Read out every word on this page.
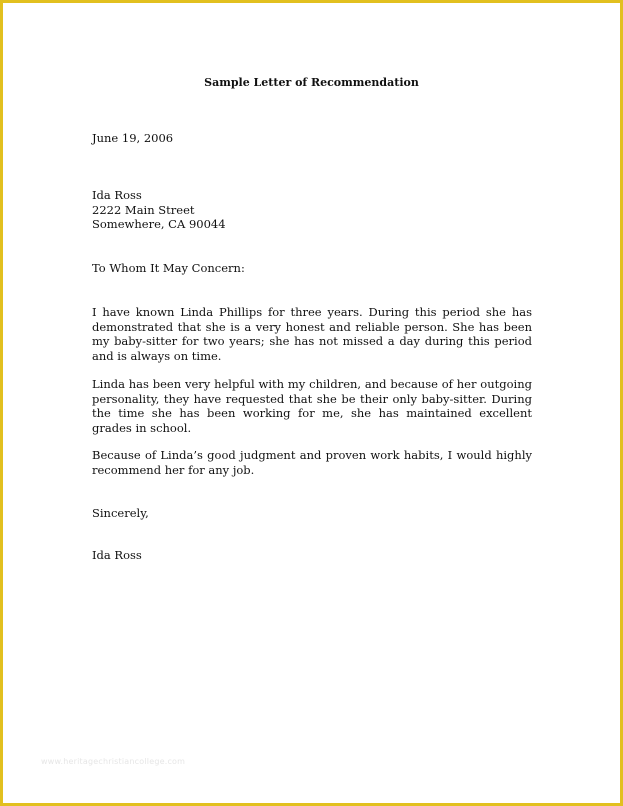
Sample Letter of Recommendation
June 19, 2006
Ida Ross
2222 Main Street
Somewhere, CA 90044
To Whom It May Concern:

I have known Linda Phillips for three years. During this period she has demonstrated that she is a very honest and reliable person. She has been my baby-sitter for two years; she has not missed a day during this period and is always on time.

Linda has been very helpful with my children, and because of her outgoing personality, they have requested that she be their only baby-sitter. During the time she has been working for me, she has maintained excellent grades in school.

Because of Linda’s good judgment and proven work habits, I would highly recommend her for any job.

Sincerely,
Ida Ross
www.heritagechristiancollege.com
